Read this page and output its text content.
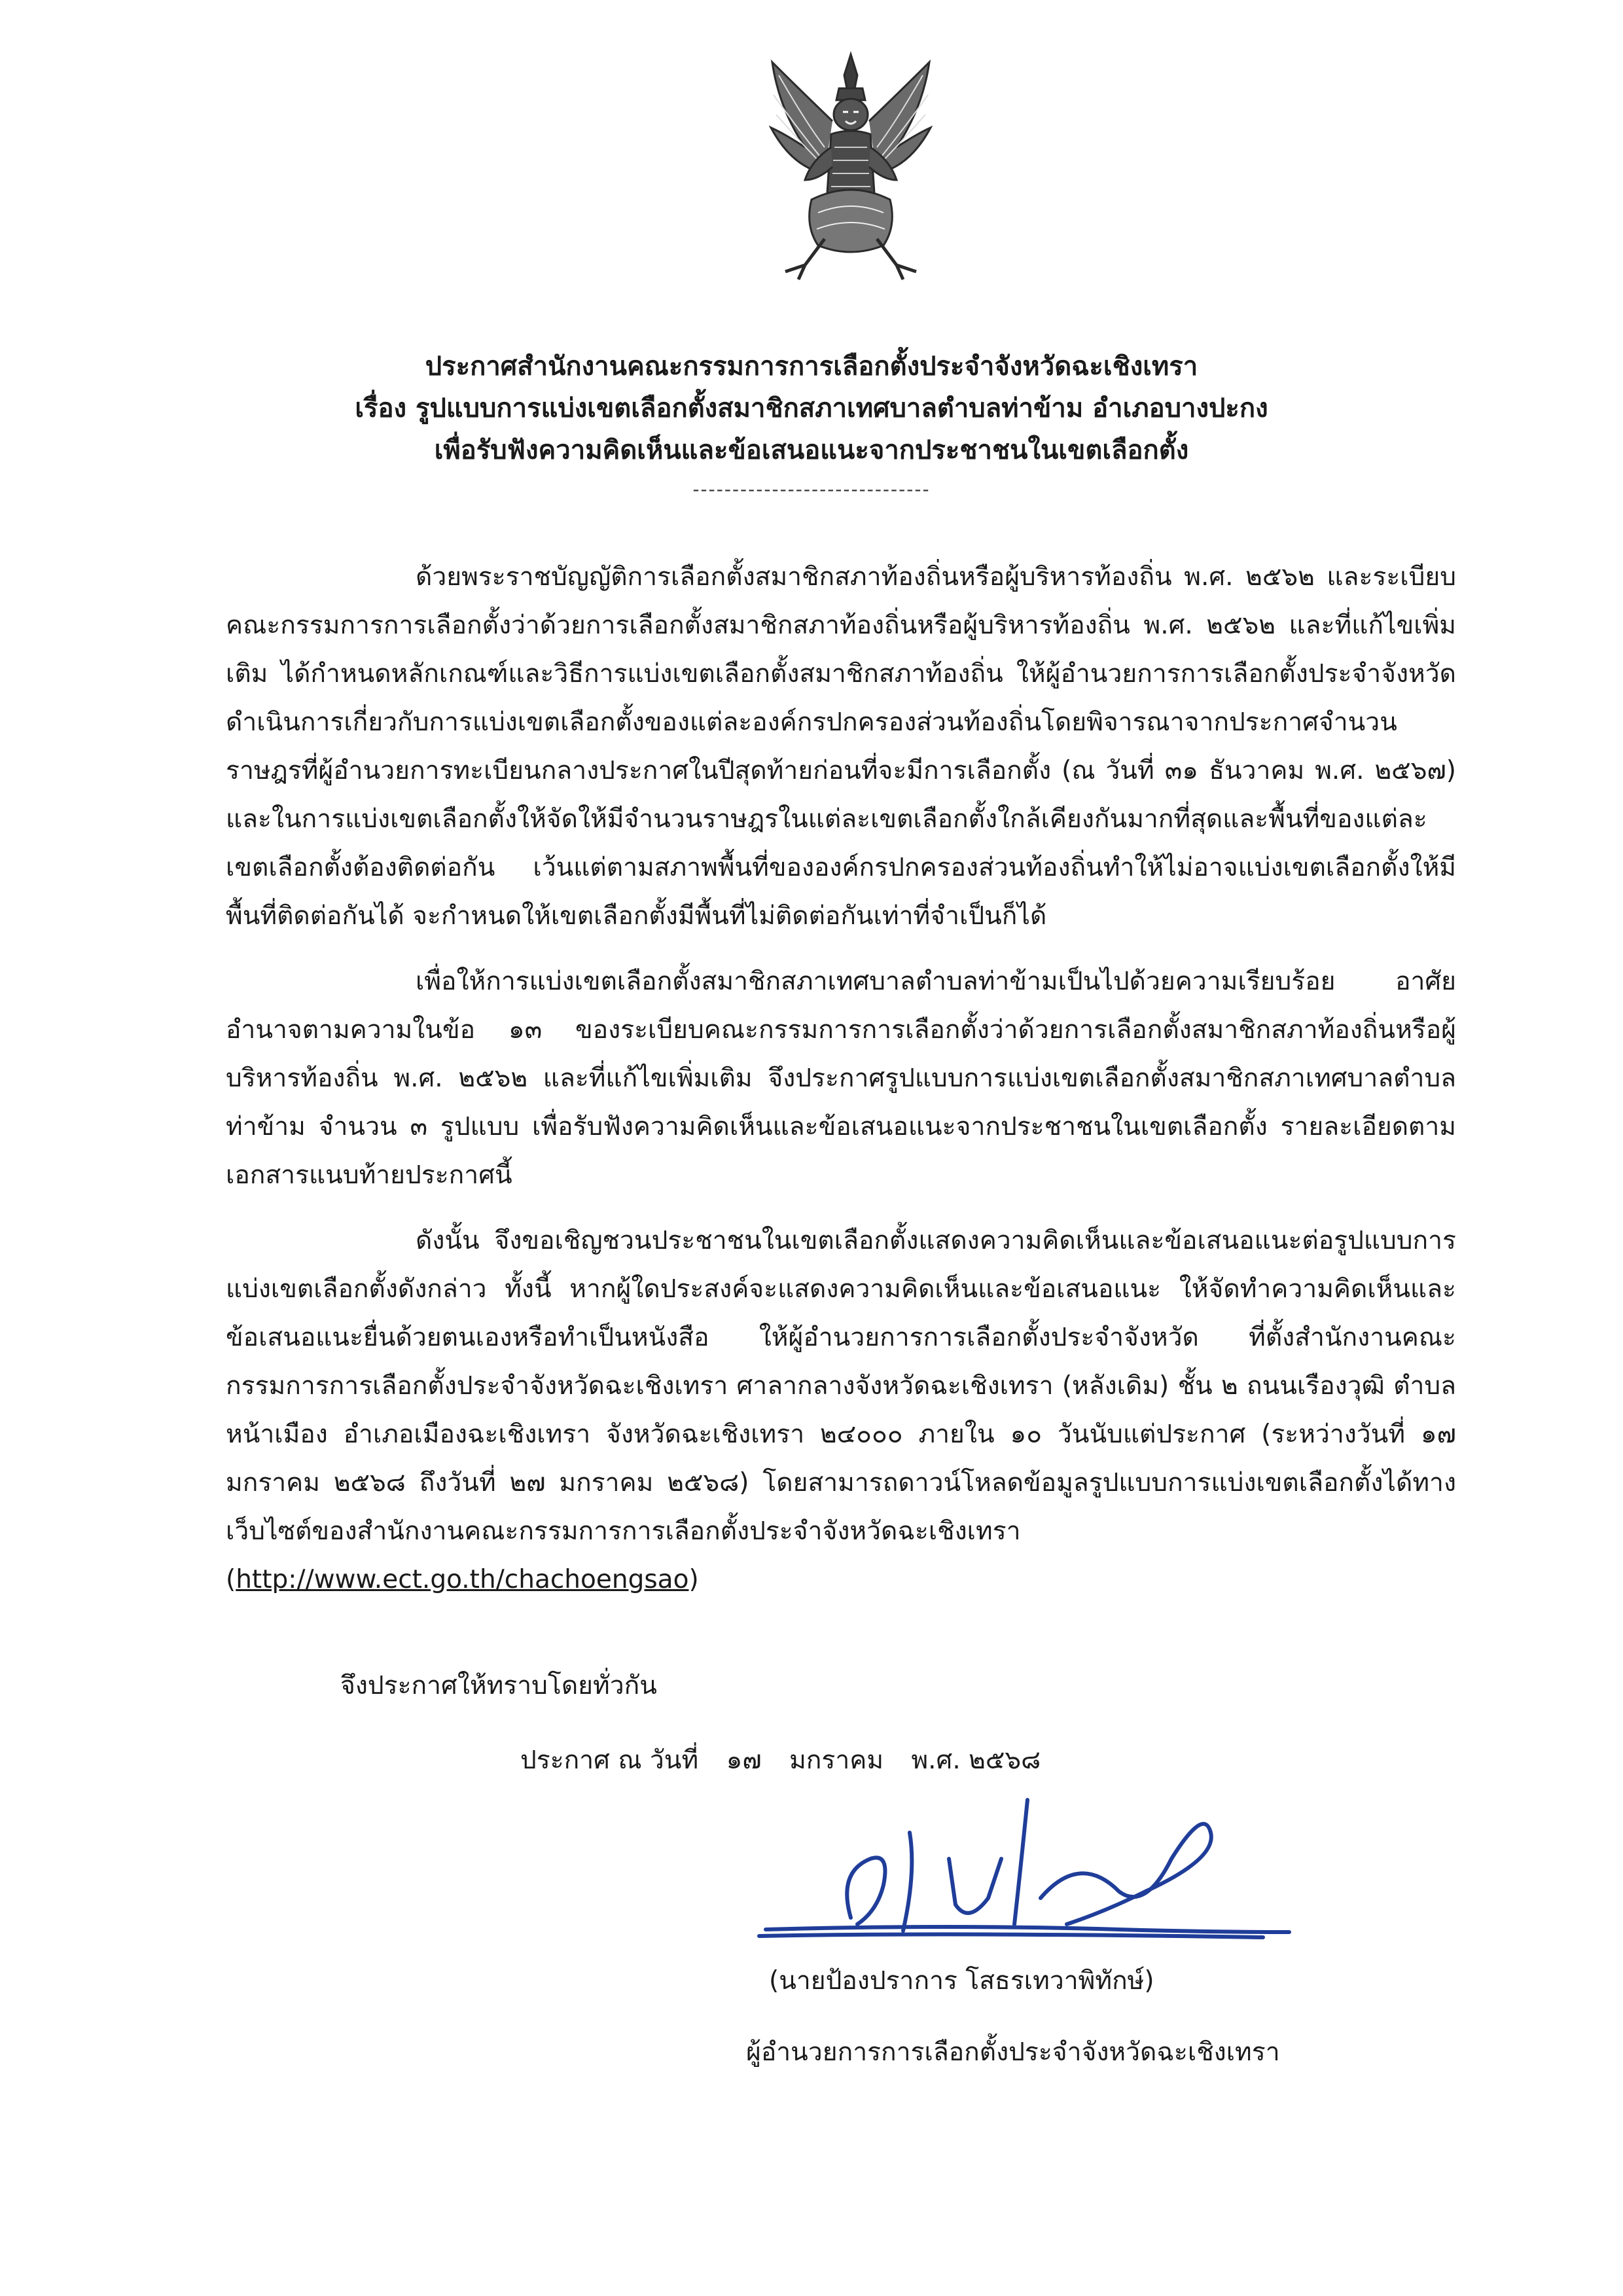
ประกาศสำนักงานคณะกรรมการการเลือกตั้งประจำจังหวัดฉะเชิงเทรา
เรื่อง รูปแบบการแบ่งเขตเลือกตั้งสมาชิกสภาเทศบาลตำบลท่าข้าม อำเภอบางปะกง
เพื่อรับฟังความคิดเห็นและข้อเสนอแนะจากประชาชนในเขตเลือกตั้ง
------------------------------

ด้วยพระราชบัญญัติการเลือกตั้งสมาชิกสภาท้องถิ่นหรือผู้บริหารท้องถิ่น พ.ศ. ๒๕๖๒ และระเบียบคณะกรรมการการเลือกตั้งว่าด้วยการเลือกตั้งสมาชิกสภาท้องถิ่นหรือผู้บริหารท้องถิ่น พ.ศ. ๒๕๖๒ และที่แก้ไขเพิ่มเติม ได้กำหนดหลักเกณฑ์และวิธีการแบ่งเขตเลือกตั้งสมาชิกสภาท้องถิ่น ให้ผู้อำนวยการการเลือกตั้งประจำจังหวัดดำเนินการเกี่ยวกับการแบ่งเขตเลือกตั้งของแต่ละองค์กรปกครองส่วนท้องถิ่นโดยพิจารณาจากประกาศจำนวนราษฎรที่ผู้อำนวยการทะเบียนกลางประกาศในปีสุดท้ายก่อนที่จะมีการเลือกตั้ง (ณ วันที่ ๓๑ ธันวาคม พ.ศ. ๒๕๖๗) และในการแบ่งเขตเลือกตั้งให้จัดให้มีจำนวนราษฎรในแต่ละเขตเลือกตั้งใกล้เคียงกันมากที่สุดและพื้นที่ของแต่ละเขตเลือกตั้งต้องติดต่อกัน เว้นแต่ตามสภาพพื้นที่ขององค์กรปกครองส่วนท้องถิ่นทำให้ไม่อาจแบ่งเขตเลือกตั้งให้มีพื้นที่ติดต่อกันได้ จะกำหนดให้เขตเลือกตั้งมีพื้นที่ไม่ติดต่อกันเท่าที่จำเป็นก็ได้

เพื่อให้การแบ่งเขตเลือกตั้งสมาชิกสภาเทศบาลตำบลท่าข้ามเป็นไปด้วยความเรียบร้อย อาศัยอำนาจตามความในข้อ ๑๓ ของระเบียบคณะกรรมการการเลือกตั้งว่าด้วยการเลือกตั้งสมาชิกสภาท้องถิ่นหรือผู้บริหารท้องถิ่น พ.ศ. ๒๕๖๒ และที่แก้ไขเพิ่มเติม จึงประกาศรูปแบบการแบ่งเขตเลือกตั้งสมาชิกสภาเทศบาลตำบลท่าข้าม จำนวน ๓ รูปแบบ เพื่อรับฟังความคิดเห็นและข้อเสนอแนะจากประชาชนในเขตเลือกตั้ง รายละเอียดตามเอกสารแนบท้ายประกาศนี้

ดังนั้น จึงขอเชิญชวนประชาชนในเขตเลือกตั้งแสดงความคิดเห็นและข้อเสนอแนะต่อรูปแบบการแบ่งเขตเลือกตั้งดังกล่าว ทั้งนี้ หากผู้ใดประสงค์จะแสดงความคิดเห็นและข้อเสนอแนะ ให้จัดทำความคิดเห็นและข้อเสนอแนะยื่นด้วยตนเองหรือทำเป็นหนังสือ ให้ผู้อำนวยการการเลือกตั้งประจำจังหวัด ที่ตั้งสำนักงานคณะกรรมการการเลือกตั้งประจำจังหวัดฉะเชิงเทรา ศาลากลางจังหวัดฉะเชิงเทรา (หลังเดิม) ชั้น ๒ ถนนเรืองวุฒิ ตำบลหน้าเมือง อำเภอเมืองฉะเชิงเทรา จังหวัดฉะเชิงเทรา ๒๔๐๐๐ ภายใน ๑๐ วันนับแต่ประกาศ (ระหว่างวันที่ ๑๗ มกราคม ๒๕๖๘ ถึงวันที่ ๒๗ มกราคม ๒๕๖๘) โดยสามารถดาวน์โหลดข้อมูลรูปแบบการแบ่งเขตเลือกตั้งได้ทางเว็บไซต์ของสำนักงานคณะกรรมการการเลือกตั้งประจำจังหวัดฉะเชิงเทรา
(http://www.ect.go.th/chachoengsao)

จึงประกาศให้ทราบโดยทั่วกัน
ประกาศ ณ วันที่ ๑๗ มกราคม พ.ศ. ๒๕๖๘
(นายป้องปราการ โสธรเทวาพิทักษ์)
ผู้อำนวยการการเลือกตั้งประจำจังหวัดฉะเชิงเทรา
